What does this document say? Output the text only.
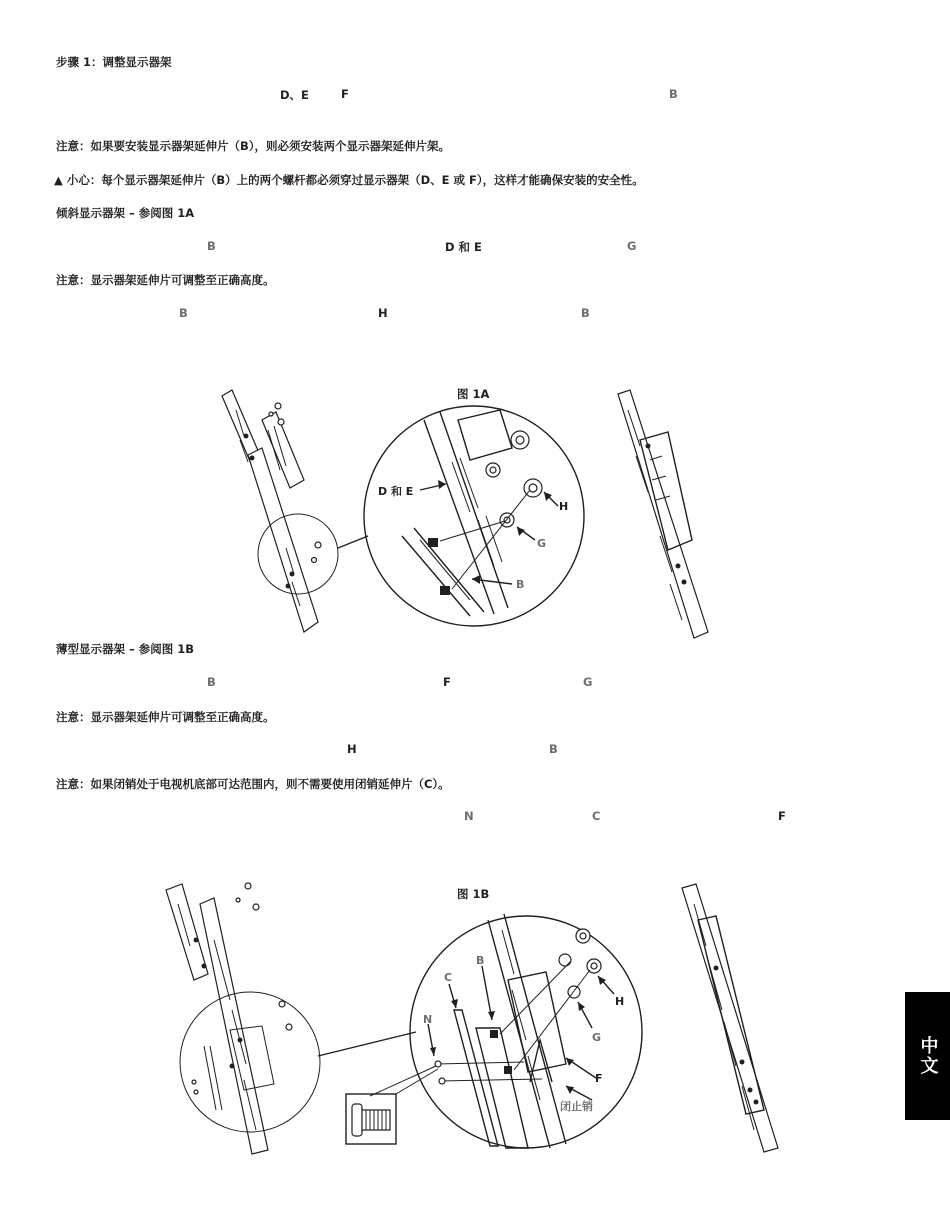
步骤 1：调整显示器架
D、E	F	B
注意：如果要安装显示器架延伸片（B），则必须安装两个显示器架延伸片架。
▲ 小心：每个显示器架延伸片（B）上的两个螺杆都必须穿过显示器架（D、E 或 F），这样才能确保安装的安全性。
倾斜显示器架 – 参阅图 1A
B	D 和 E	G
注意：显示器架延伸片可调整至正确高度。
B	H	B
图 1A
薄型显示器架 – 参阅图 1B
B	F	G
注意：显示器架延伸片可调整至正确高度。
H	B
注意：如果闭销处于电视机底部可达范围内，则不需要使用闭销延伸片（C）。
N	C	F
图 1B
D 和 E
H
G
B
C
B
N
H
G
F
闭止销
中文
